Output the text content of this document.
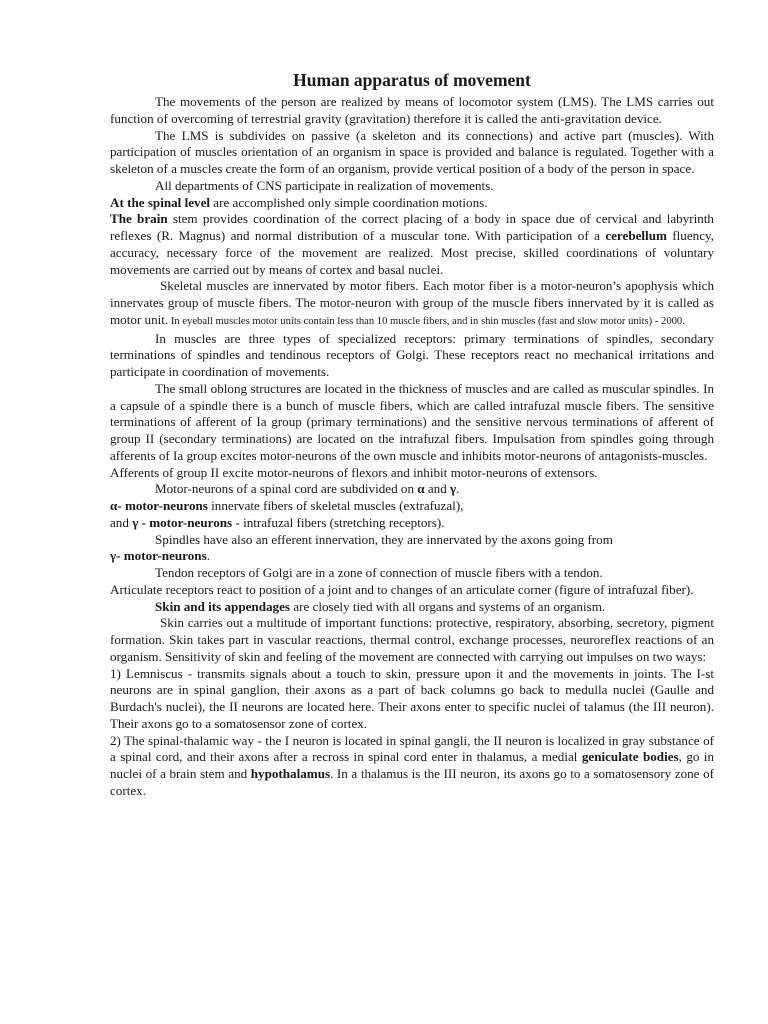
Human apparatus of movement

The movements of the person are realized by means of locomotor system (LMS). The LMS carries out function of overcoming of terrestrial gravity (gravitation) therefore it is called the anti-gravitation device.

The LMS is subdivides on passive (a skeleton and its connections) and active part (muscles). With participation of muscles orientation of an organism in space is provided and balance is regulated. Together with a skeleton of a muscles create the form of an organism, provide vertical position of a body of the person in space.

All departments of CNS participate in realization of movements.

At the spinal level are accomplished only simple coordination motions.

The brain stem provides coordination of the correct placing of a body in space due of cervical and labyrinth reflexes (R. Magnus) and normal distribution of a muscular tone. With participation of a cerebellum fluency, accuracy, necessary force of the movement are realized. Most precise, skilled coordinations of voluntary movements are carried out by means of cortex and basal nuclei.

Skeletal muscles are innervated by motor fibers. Each motor fiber is a motor-neuron’s apophysis which innervates group of muscle fibers. The motor-neuron with group of the muscle fibers innervated by it is called as motor unit. In eyeball muscles motor units contain less than 10 muscle fibers, and in shin muscles (fast and slow motor units) - 2000.

In muscles are three types of specialized receptors: primary terminations of spindles, secondary terminations of spindles and tendinous receptors of Golgi. These receptors react no mechanical irritations and participate in coordination of movements.

The small oblong structures are located in the thickness of muscles and are called as muscular spindles. In a capsule of a spindle there is a bunch of muscle fibers, which are called intrafuzal muscle fibers. The sensitive terminations of afferent of Ia group (primary terminations) and the sensitive nervous terminations of afferent of group II (secondary terminations) are located on the intrafuzal fibers. Impulsation from spindles going through afferents of Ia group excites motor-neurons of the own muscle and inhibits motor-neurons of antagonists-muscles.

Afferents of group II excite motor-neurons of flexors and inhibit motor-neurons of extensors.

Motor-neurons of a spinal cord are subdivided on α and γ.

α- motor-neurons innervate fibers of skeletal muscles (extrafuzal),

and γ - motor-neurons - intrafuzal fibers (stretching receptors).

Spindles have also an efferent innervation, they are innervated by the axons going from

γ- motor-neurons.

Tendon receptors of Golgi are in a zone of connection of muscle fibers with a tendon.

Articulate receptors react to position of a joint and to changes of an articulate corner (figure of intrafuzal fiber).

Skin and its appendages are closely tied with all organs and systems of an organism.

Skin carries out a multitude of important functions: protective, respiratory, absorbing, secretory, pigment formation. Skin takes part in vascular reactions, thermal control, exchange processes, neuroreflex reactions of an organism. Sensitivity of skin and feeling of the movement are connected with carrying out impulses on two ways:

1) Lemniscus - transmits signals about a touch to skin, pressure upon it and the movements in joints. The I-st neurons are in spinal ganglion, their axons as a part of back columns go back to medulla nuclei (Gaulle and Burdach's nuclei), the II neurons are located here. Their axons enter to specific nuclei of talamus (the III neuron). Their axons go to a somatosensor zone of cortex.

2) The spinal-thalamic way - the I neuron is located in spinal gangli, the II neuron is localized in gray substance of a spinal cord, and their axons after a recross in spinal cord enter in thalamus, a medial geniculate bodies, go in nuclei of a brain stem and hypothalamus. In a thalamus is the III neuron, its axons go to a somatosensory zone of cortex.
